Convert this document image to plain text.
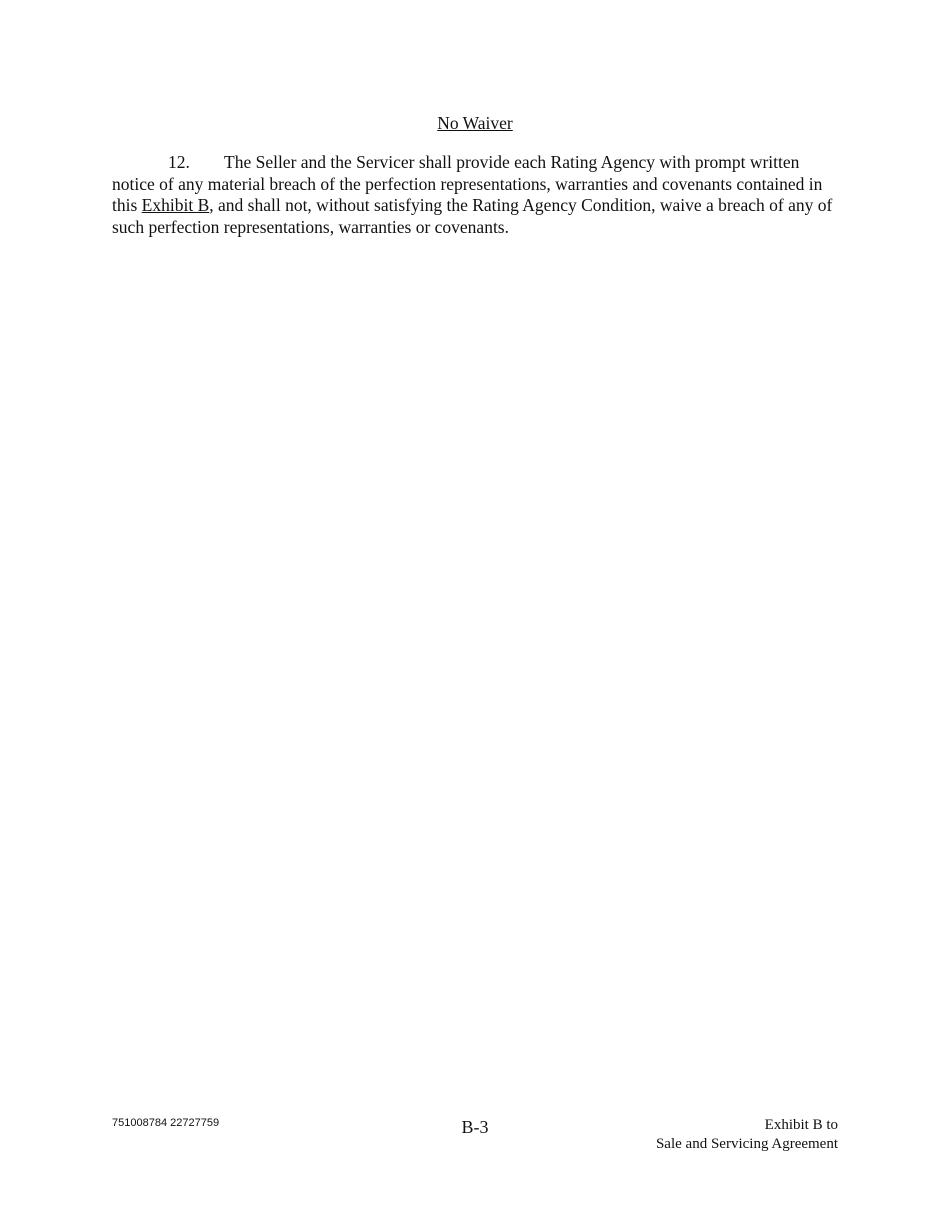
No Waiver

12. The Seller and the Servicer shall provide each Rating Agency with prompt written notice of any material breach of the perfection representations, warranties and covenants contained in this Exhibit B, and shall not, without satisfying the Rating Agency Condition, waive a breach of any of such perfection representations, warranties or covenants.

751008784 22727759	B-3	Exhibit B to
Sale and Servicing Agreement
